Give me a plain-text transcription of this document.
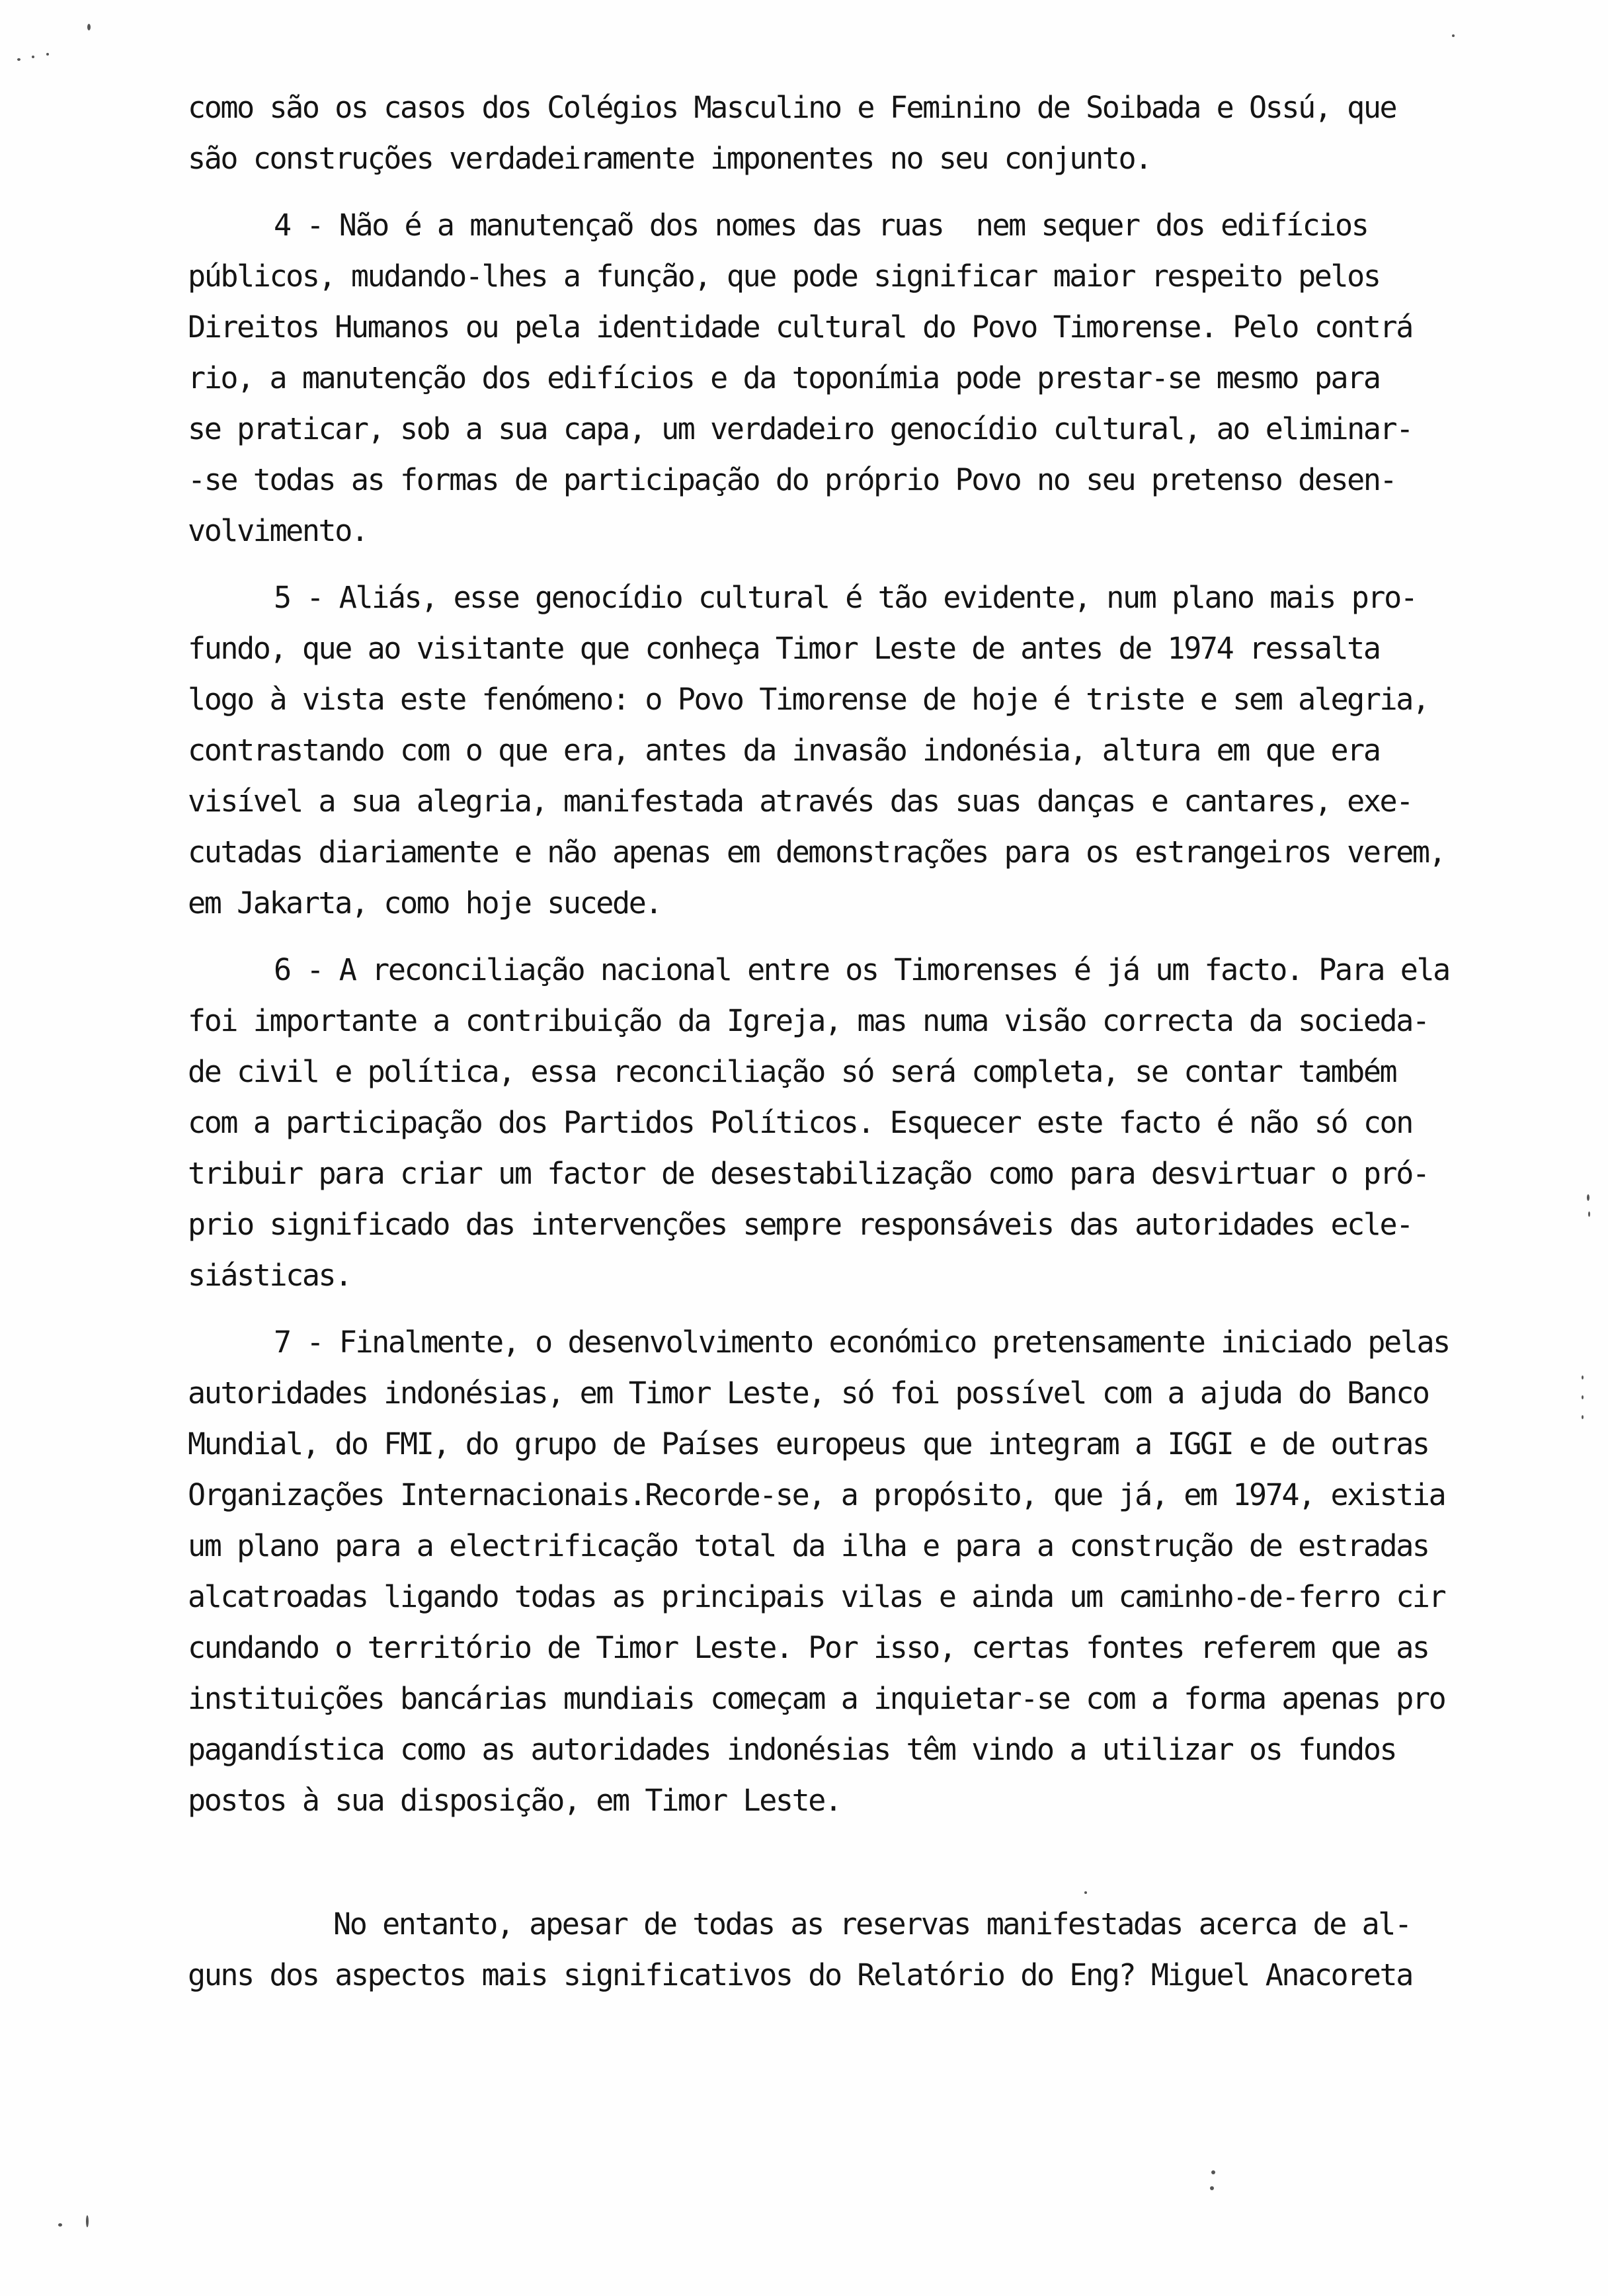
como são os casos dos Colégios Masculino e Feminino de Soibada e Ossú, que
são construções verdadeiramente imponentes no seu conjunto.
4 - Não é a manutençaõ dos nomes das ruas  nem sequer dos edifícios
públicos, mudando-lhes a função, que pode significar maior respeito pelos
Direitos Humanos ou pela identidade cultural do Povo Timorense. Pelo contrá
rio, a manutenção dos edifícios e da toponímia pode prestar-se mesmo para
se praticar, sob a sua capa, um verdadeiro genocídio cultural, ao eliminar-
-se todas as formas de participação do próprio Povo no seu pretenso desen-
volvimento.
5 - Aliás, esse genocídio cultural é tão evidente, num plano mais pro-
fundo, que ao visitante que conheça Timor Leste de antes de 1974 ressalta
logo à vista este fenómeno: o Povo Timorense de hoje é triste e sem alegria,
contrastando com o que era, antes da invasão indonésia, altura em que era
visível a sua alegria, manifestada através das suas danças e cantares, exe-
cutadas diariamente e não apenas em demonstrações para os estrangeiros verem,
em Jakarta, como hoje sucede.
6 - A reconciliação nacional entre os Timorenses é já um facto. Para ela
foi importante a contribuição da Igreja, mas numa visão correcta da socieda-
de civil e política, essa reconciliação só será completa, se contar também
com a participação dos Partidos Políticos. Esquecer este facto é não só con
tribuir para criar um factor de desestabilização como para desvirtuar o pró-
prio significado das intervenções sempre responsáveis das autoridades ecle-
siásticas.
7 - Finalmente, o desenvolvimento económico pretensamente iniciado pelas
autoridades indonésias, em Timor Leste, só foi possível com a ajuda do Banco
Mundial, do FMI, do grupo de Países europeus que integram a IGGI e de outras
Organizações Internacionais.Recorde-se, a propósito, que já, em 1974, existia
um plano para a electrificação total da ilha e para a construção de estradas
alcatroadas ligando todas as principais vilas e ainda um caminho-de-ferro cir
cundando o território de Timor Leste. Por isso, certas fontes referem que as
instituições bancárias mundiais começam a inquietar-se com a forma apenas pro
pagandística como as autoridades indonésias têm vindo a utilizar os fundos
postos à sua disposição, em Timor Leste.
No entanto, apesar de todas as reservas manifestadas acerca de al-
guns dos aspectos mais significativos do Relatório do Eng? Miguel Anacoreta
